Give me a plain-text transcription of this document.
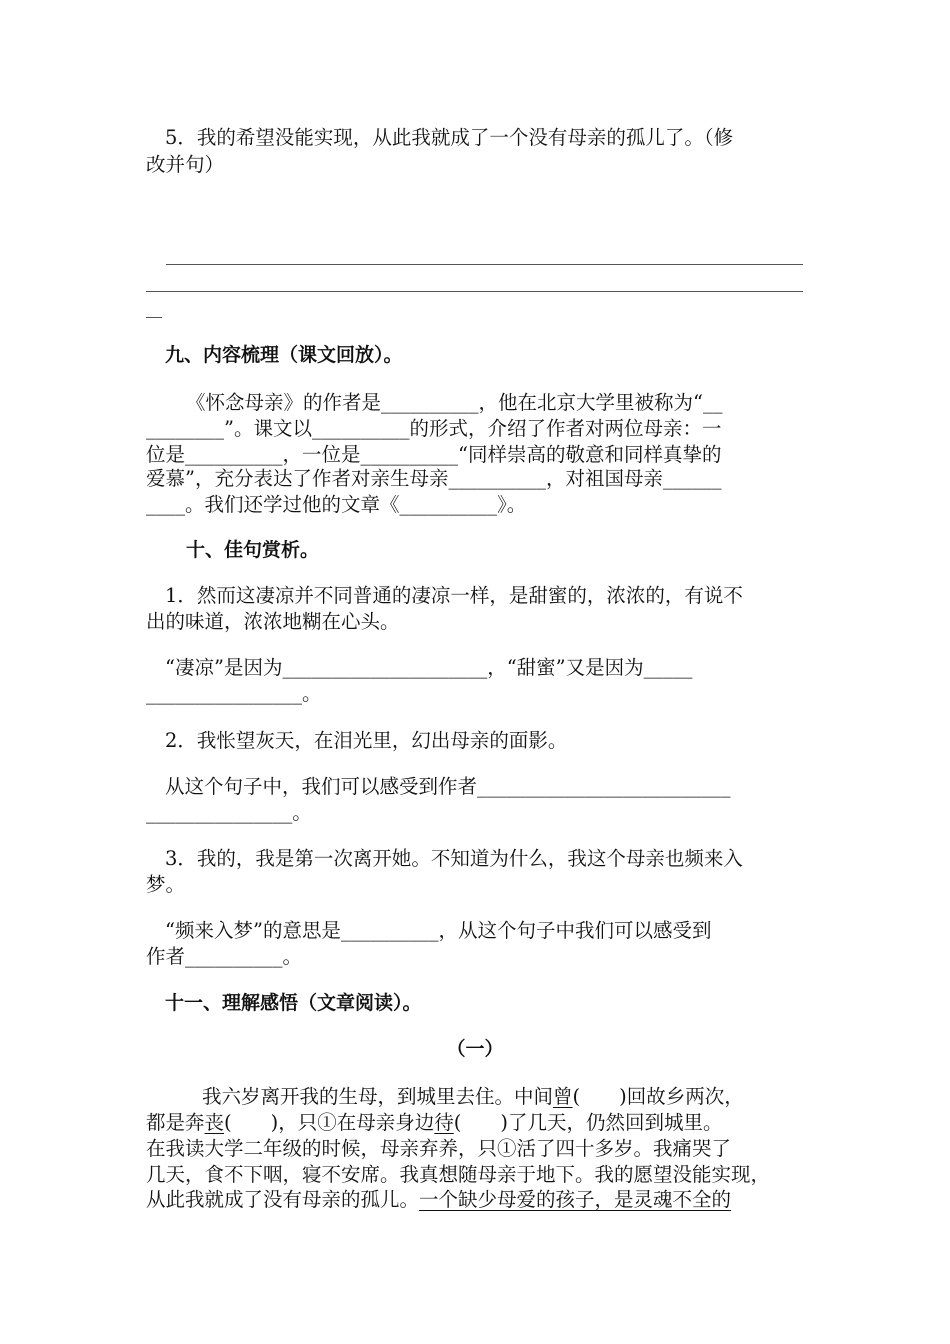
5．我的希望没能实现，从此我就成了一个没有母亲的孤儿了。（修
改并句）
九、内容梳理（课文回放）。
《怀念母亲》的作者是__________，他在北京大学里被称为“__
________”。课文以__________的形式，介绍了作者对两位母亲：一
位是__________，一位是__________“同样崇高的敬意和同样真挚的
爱慕”，充分表达了作者对亲生母亲__________，对祖国母亲______
____。我们还学过他的文章《__________》。
十、佳句赏析。
1．然而这凄凉并不同普通的凄凉一样，是甜蜜的，浓浓的，有说不
出的味道，浓浓地糊在心头。
“凄凉”是因为_____________________，“甜蜜”又是因为_____
________________。
2．我怅望灰天，在泪光里，幻出母亲的面影。
从这个句子中，我们可以感受到作者__________________________
_______________。
3．我的，我是第一次离开她。不知道为什么，我这个母亲也频来入
梦。
“频来入梦”的意思是__________，从这个句子中我们可以感受到
作者__________。
十一、理解感悟（文章阅读）。
（一）
我六岁离开我的生母，到城里去住。中间曾(　　)回故乡两次，
都是奔丧(　　)，只①在母亲身边待(　　)了几天，仍然回到城里。
在我读大学二年级的时候，母亲弃养，只①活了四十多岁。我痛哭了
几天，食不下咽，寝不安席。我真想随母亲于地下。我的愿望没能实现，
从此我就成了没有母亲的孤儿。一个缺少母爱的孩子，是灵魂不全的
